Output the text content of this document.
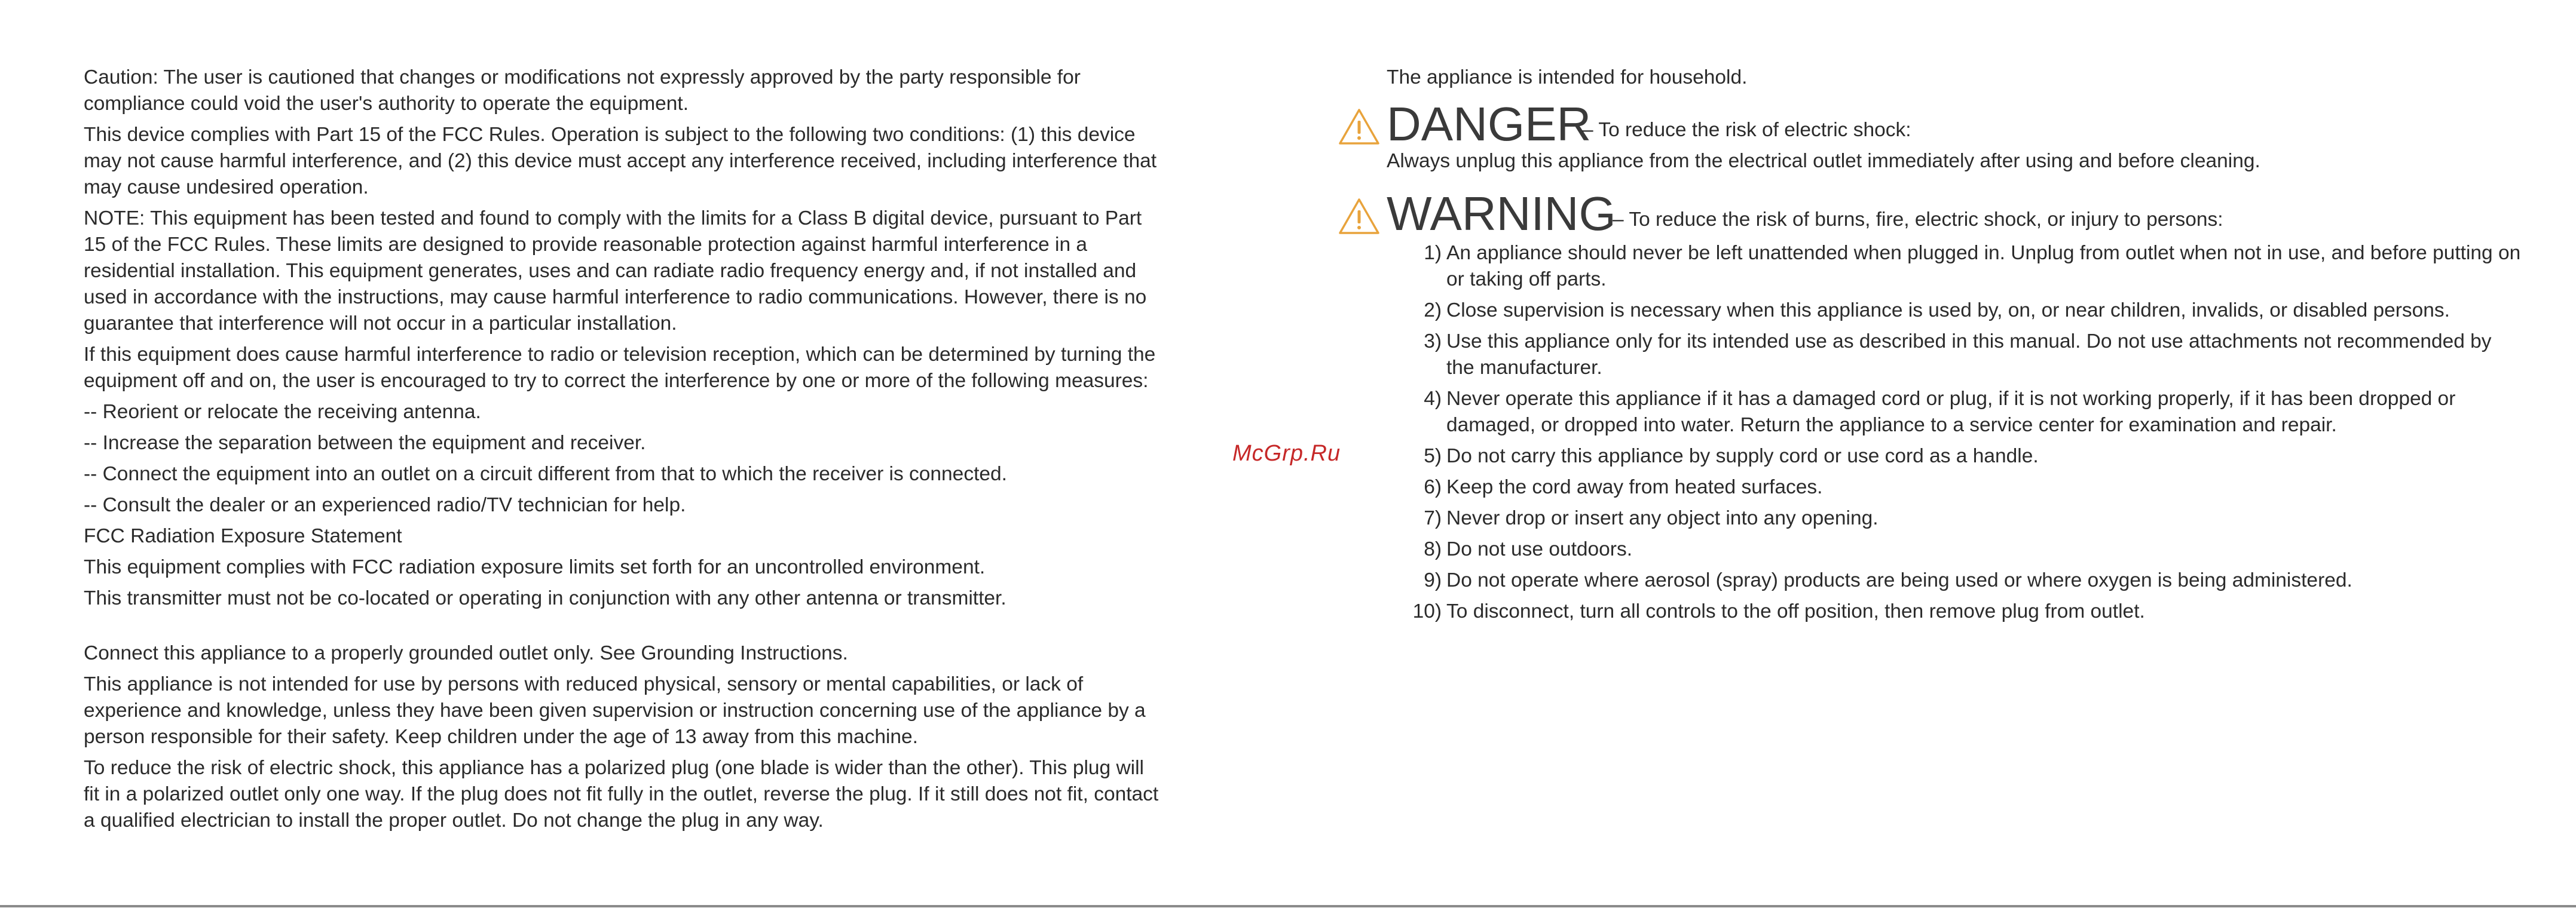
Caution: The user is cautioned that changes or modifications not expressly approved by the party responsible for compliance could void the user's authority to operate the equipment.

This device complies with Part 15 of the FCC Rules. Operation is subject to the following two conditions: (1) this device may not cause harmful interference, and (2) this device must accept any interference received, including interference that may cause undesired operation.

NOTE: This equipment has been tested and found to comply with the limits for a Class B digital device, pursuant to Part 15 of the FCC Rules. These limits are designed to provide reasonable protection against harmful interference in a residential installation. This equipment generates, uses and can radiate radio frequency energy and, if not installed and used in accordance with the instructions, may cause harmful interference to radio communications. However, there is no guarantee that interference will not occur in a particular installation.

If this equipment does cause harmful interference to radio or television reception, which can be determined by turning the equipment off and on, the user is encouraged to try to correct the interference by one or more of the following measures:

-- Reorient or relocate the receiving antenna.

-- Increase the separation between the equipment and receiver.

-- Connect the equipment into an outlet on a circuit different from that to which the receiver is connected.

-- Consult the dealer or an experienced radio/TV technician for help.

FCC Radiation Exposure Statement

This equipment complies with FCC radiation exposure limits set forth for an uncontrolled environment.

This transmitter must not be co-located or operating in conjunction with any other antenna or transmitter.

Connect this appliance to a properly grounded outlet only. See Grounding Instructions.

This appliance is not intended for use by persons with reduced physical, sensory or mental capabilities, or lack of experience and knowledge, unless they have been given supervision or instruction concerning use of the appliance by a person responsible for their safety. Keep children under the age of 13 away from this machine.

To reduce the risk of electric shock, this appliance has a polarized plug (one blade is wider than the other). This plug will fit in a polarized outlet only one way. If the plug does not fit fully in the outlet, reverse the plug. If it still does not fit, contact a qualified electrician to install the proper outlet. Do not change the plug in any way.

McGrp.Ru

The appliance is intended for household.

DANGER
– To reduce the risk of electric shock:

Always unplug this appliance from the electrical outlet immediately after using and before cleaning.

WARNING
– To reduce the risk of burns, fire, electric shock, or injury to persons:
1) An appliance should never be left unattended when plugged in. Unplug from outlet when not in use, and before putting on or taking off parts.
2) Close supervision is necessary when this appliance is used by, on, or near children, invalids, or disabled persons.
3) Use this appliance only for its intended use as described in this manual. Do not use attachments not recommended by the manufacturer.
4) Never operate this appliance if it has a damaged cord or plug, if it is not working properly, if it has been dropped or damaged, or dropped into water. Return the appliance to a service center for examination and repair.
5) Do not carry this appliance by supply cord or use cord as a handle.
6) Keep the cord away from heated surfaces.
7) Never drop or insert any object into any opening.
8) Do not use outdoors.
9) Do not operate where aerosol (spray) products are being used or where oxygen is being administered.
10) To disconnect, turn all controls to the off position, then remove plug from outlet.
